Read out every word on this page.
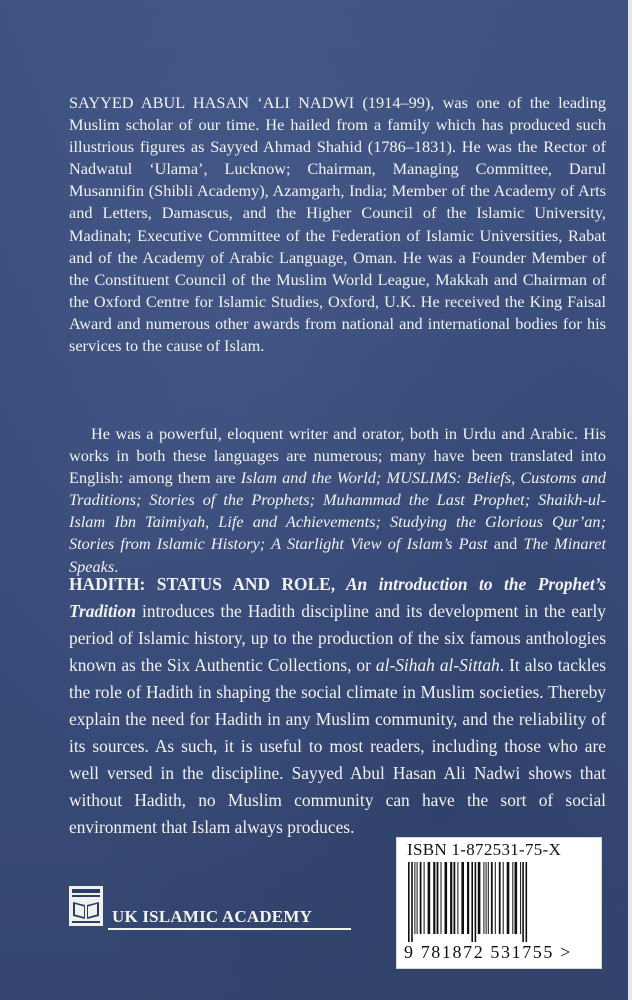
SAYYED ABUL HASAN ‘ALI NADWI (1914–99), was one of the leading Muslim scholar of our time. He hailed from a family which has produced such illustrious figures as Sayyed Ahmad Shahid (1786–1831). He was the Rector of Nadwatul ‘Ulama’, Lucknow; Chairman, Managing Committee, Darul Musannifin (Shibli Academy), Azamgarh, India; Member of the Academy of Arts and Letters, Damascus, and the Higher Council of the Islamic University, Madinah; Executive Committee of the Federation of Islamic Universities, Rabat and of the Academy of Arabic Language, Oman. He was a Founder Member of the Constituent Council of the Muslim World League, Makkah and Chairman of the Oxford Centre for Islamic Studies, Oxford, U.K. He received the King Faisal Award and numerous other awards from national and international bodies for his services to the cause of Islam.

He was a powerful, eloquent writer and orator, both in Urdu and Arabic. His works in both these languages are numerous; many have been translated into English: among them are Islam and the World; MUSLIMS: Beliefs, Customs and Traditions; Stories of the Prophets; Muhammad the Last Prophet; Shaikh-ul-Islam Ibn Taimiyah, Life and Achievements; Studying the Glorious Qur’an; Stories from Islamic History; A Starlight View of Islam’s Past and The Minaret Speaks.

HADITH: STATUS AND ROLE, An introduction to the Prophet’s Tradition introduces the Hadith discipline and its development in the early period of Islamic history, up to the production of the six famous anthologies known as the Six Authentic Collections, or al-Sihah al-Sittah. It also tackles the role of Hadith in shaping the social climate in Muslim societies. Thereby explain the need for Hadith in any Muslim community, and the reliability of its sources. As such, it is useful to most readers, including those who are well versed in the discipline. Sayyed Abul Hasan Ali Nadwi shows that without Hadith, no Muslim community can have the sort of social environment that Islam always produces.

UK ISLAMIC ACADEMY
ISBN 1-872531-75-X
9 781872 531755 >
